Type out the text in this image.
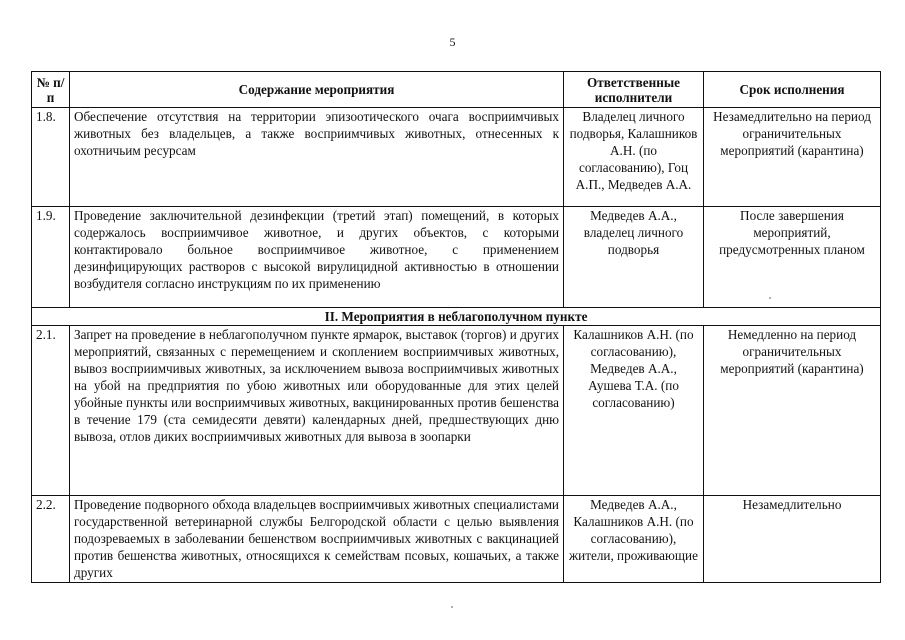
5
№ п/п	Содержание мероприятия	Ответственные исполнители	Срок исполнения
1.8.	Обеспечение отсутствия на территории эпизоотического очага восприимчивых животных без владельцев, а также восприимчивых животных, отнесенных к охотничьим ресурсам	Владелец личного подворья, Калашников А.Н. (по согласованию), Гоц А.П., Медведев А.А.	Незамедлительно на период ограничительных мероприятий (карантина)
1.9.	Проведение заключительной дезинфекции (третий этап) помещений, в которых содержалось восприимчивое животное, и других объектов, с которыми контактировало больное восприимчивое животное, с применением дезинфицирующих растворов с высокой вирулицидной активностью в отношении возбудителя согласно инструкциям по их применению	Медведев А.А., владелец личного подворья	После завершения мероприятий, предусмотренных планом
II. Мероприятия в неблагополучном пункте			
2.1.	Запрет на проведение в неблагополучном пункте ярмарок, выставок (торгов) и других мероприятий, связанных с перемещением и скоплением восприимчивых животных, вывоз восприимчивых животных, за исключением вывоза восприимчивых животных на убой на предприятия по убою животных или оборудованные для этих целей убойные пункты или восприимчивых животных, вакцинированных против бешенства в течение 179 (ста семидесяти девяти) календарных дней, предшествующих дню вывоза, отлов диких восприимчивых животных для вывоза в зоопарки	Калашников А.Н. (по согласованию), Медведев А.А., Аушева Т.А. (по согласованию)	Немедленно на период ограничительных мероприятий (карантина)
2.2.	Проведение подворного обхода владельцев восприимчивых животных специалистами государственной ветеринарной службы Белгородской области с целью выявления подозреваемых в заболевании бешенством восприимчивых животных с вакцинацией против бешенства животных, относящихся к семействам псовых, кошачьих, а также других	Медведев А.А., Калашников А.Н. (по согласованию), жители, проживающие	Незамедлительно
